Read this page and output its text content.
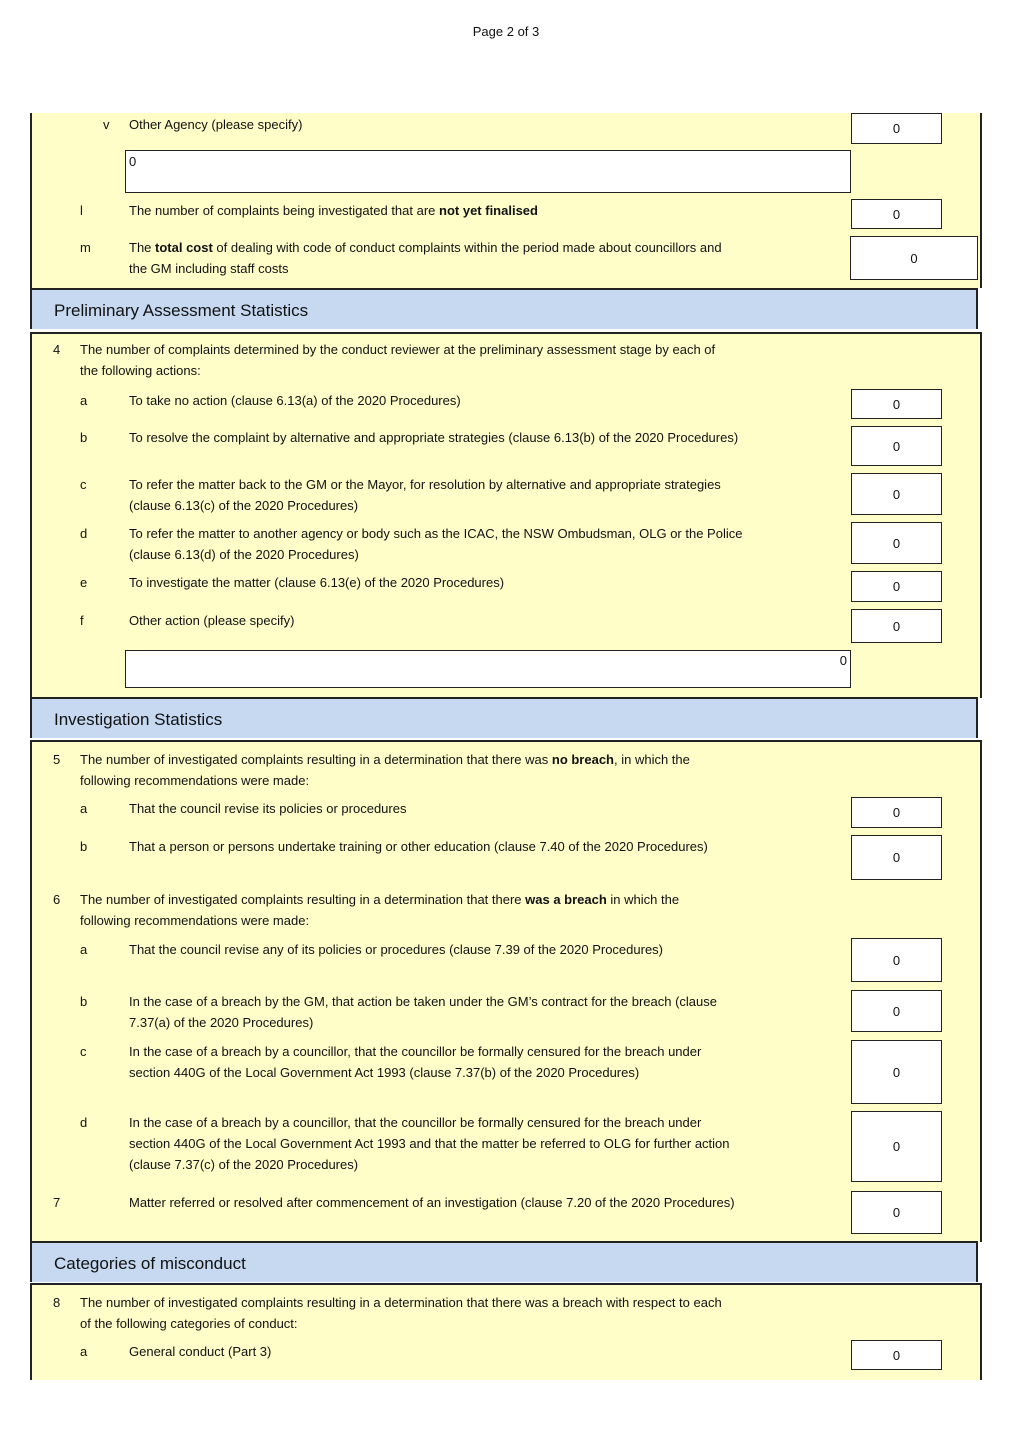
Page 2 of 3
v Other Agency (please specify)	0
0
l	The number of complaints being investigated that are not yet finalised	0
m	The total cost of dealing with code of conduct complaints within the period made about councillors and
the GM including staff costs
0
Preliminary Assessment Statistics
4 The number of complaints determined by the conduct reviewer at the preliminary assessment stage by each of
the following actions:
a	To take no action (clause 6.13(a) of the 2020 Procedures)	0
b	To resolve the complaint by alternative and appropriate strategies (clause 6.13(b) of the 2020 Procedures)
0
c	To refer the matter back to the GM or the Mayor, for resolution by alternative and appropriate strategies
(clause 6.13(c) of the 2020 Procedures)
0
d	To refer the matter to another agency or body such as the ICAC, the NSW Ombudsman, OLG or the Police
(clause 6.13(d) of the 2020 Procedures)
0
e	To investigate the matter (clause 6.13(e) of the 2020 Procedures)	0
f	Other action (please specify)	0
0
Investigation Statistics
5 The number of investigated complaints resulting in a determination that there was no breach, in which the
following recommendations were made:
a	That the council revise its policies or procedures	0
b	That a person or persons undertake training or other education (clause 7.40 of the 2020 Procedures)
0
6 The number of investigated complaints resulting in a determination that there was a breach in which the
following recommendations were made:
a	That the council revise any of its policies or procedures (clause 7.39 of the 2020 Procedures)
0
b	In the case of a breach by the GM, that action be taken under the GM’s contract for the breach (clause
7.37(a) of the 2020 Procedures)
0
c	In the case of a breach by a councillor, that the councillor be formally censured for the breach under
section 440G of the Local Government Act 1993 (clause 7.37(b) of the 2020 Procedures)	0
d	In the case of a breach by a councillor, that the councillor be formally censured for the breach under
section 440G of the Local Government Act 1993 and that the matter be referred to OLG for further action
(clause 7.37(c) of the 2020 Procedures)
0
7	Matter referred or resolved after commencement of an investigation (clause 7.20 of the 2020 Procedures)
0
Categories of misconduct
8 The number of investigated complaints resulting in a determination that there was a breach with respect to each
of the following categories of conduct:
a	General conduct (Part 3)	0
